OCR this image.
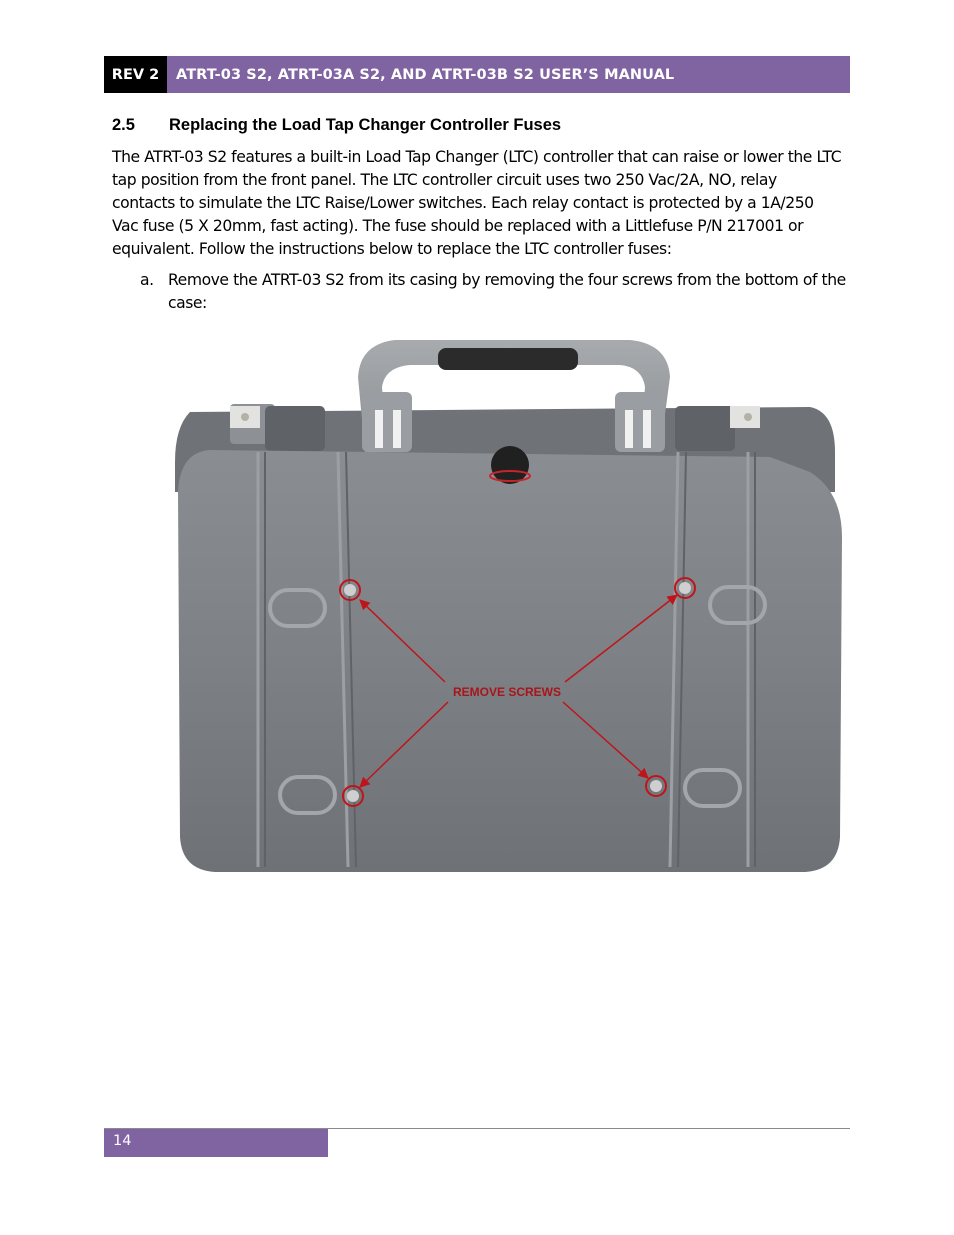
REV 2	ATRT-03 S2, ATRT-03A S2, AND ATRT-03B S2 USER’S MANUAL
2.5 Replacing the Load Tap Changer Controller Fuses
The ATRT-03 S2 features a built-in Load Tap Changer (LTC) controller that can raise or lower the LTC tap position from the front panel. The LTC controller circuit uses two 250 Vac/2A, NO, relay contacts to simulate the LTC Raise/Lower switches. Each relay contact is protected by a 1A/250 Vac fuse (5 X 20mm, fast acting). The fuse should be replaced with a Littlefuse P/N 217001 or equivalent. Follow the instructions below to replace the LTC controller fuses:
a. Remove the ATRT-03 S2 from its casing by removing the four screws from the bottom of the case:
REMOVE SCREWS
14
